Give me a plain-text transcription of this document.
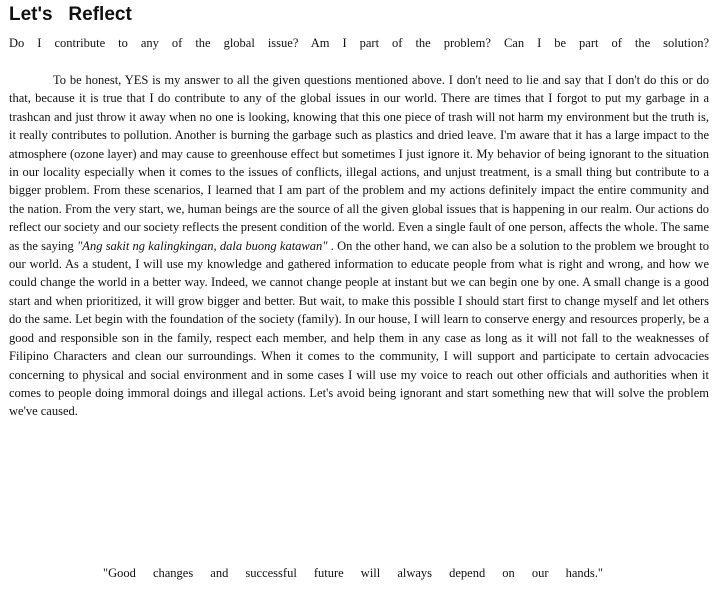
Let's   Reflect

Do I contribute to any of the global issue? Am I part of the problem? Can I be part of the solution?

To be honest, YES is my answer to all the given questions mentioned above. I don't need to lie and say that I don't do this or do that, because it is true that I do contribute to any of the global issues in our world. There are times that I forgot to put my garbage in a trashcan and just throw it away when no one is looking, knowing that this one piece of trash will not harm my environment but the truth is, it really contributes to pollution. Another is burning the garbage such as plastics and dried leave. I'm aware that it has a large impact to the atmosphere (ozone layer) and may cause to greenhouse effect but sometimes I just ignore it. My behavior of being ignorant to the situation in our locality especially when it comes to the issues of conflicts, illegal actions, and unjust treatment, is a small thing but contribute to a bigger problem. From these scenarios, I learned that I am part of the problem and my actions definitely impact the entire community and the nation. From the very start, we, human beings are the source of all the given global issues that is happening in our realm. Our actions do reflect our society and our society reflects the present condition of the world. Even a single fault of one person, affects the whole. The same as the saying "Ang sakit ng kalingkingan, dala buong katawan" . On the other hand, we can also be a solution to the problem we brought to our world. As a student, I will use my knowledge and gathered information to educate people from what is right and wrong, and how we could change the world in a better way. Indeed, we cannot change people at instant but we can begin one by one. A small change is a good start and when prioritized, it will grow bigger and better. But wait, to make this possible I should start first to change myself and let others do the same. Let begin with the foundation of the society (family). In our house, I will learn to conserve energy and resources properly, be a good and responsible son in the family, respect each member, and help them in any case as long as it will not fall to the weaknesses of Filipino Characters and clean our surroundings. When it comes to the community, I will support and participate to certain advocacies concerning to physical and social environment and in some cases I will use my voice to reach out other officials and authorities when it comes to people doing immoral doings and illegal actions. Let's avoid being ignorant and start something new that will solve the problem we've caused.

"Good changes and successful future will always depend on our hands."
